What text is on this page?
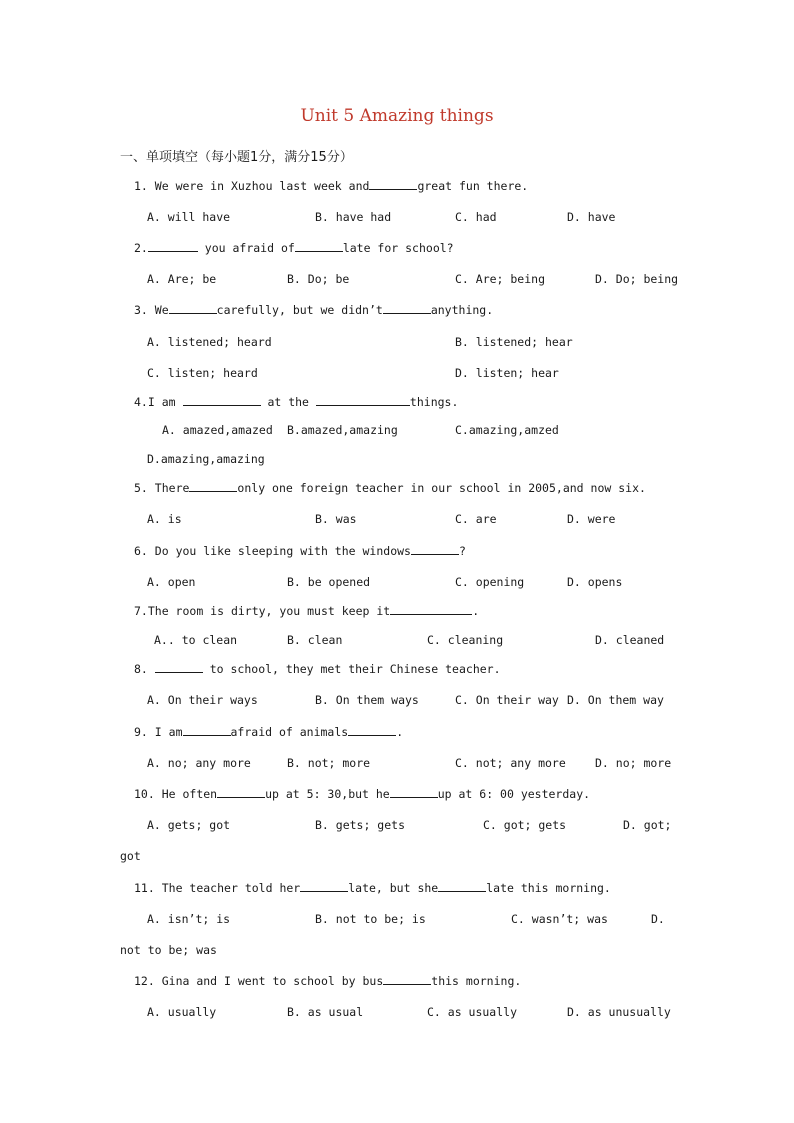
Unit 5 Amazing things
一、单项填空（每小题1分，满分15分）
1. We were in Xuzhou last week and	great fun there.
A. will have	B. have had	C. had	D. have
2.	you afraid of	late for school?
A. Are; be	B. Do; be	C. Are; being	D. Do; being
3. We	carefully, but we didn’t	anything.
A. listened; heard	B. listened; hear
C. listen; heard	D. listen; hear
4.I am	at the	things.
A. amazed,amazed B.amazed,amazing	C.amazing,amzed
D.amazing,amazing
5. There	only one foreign teacher in our school in 2005,and now six.
A. is	B. was	C. are	D. were
6. Do you like sleeping with the windows	?
A. open	B. be opened	C. opening	D. opens
7.The room is dirty, you must keep it	.
A.. to clean	B. clean	C. cleaning	D. cleaned
8.	to school, they met their Chinese teacher.
A. On their ways	B. On them ways	C. On their way D. On them way
9. I am	afraid of animals	.
A. no; any more	B. not; more	C. not; any more	D. no; more
10. He often	up at 5: 30,but he	up at 6: 00 yesterday.
A. gets; got	B. gets; gets	C. got; gets	D. got;
got
11. The teacher told her	late, but she	late this morning.
A. isn’t; is	B. not to be; is	C. wasn’t; was	D.
not to be; was
12. Gina and I went to school by bus	this morning.
A. usually	B. as usual	C. as usually	D. as unusually
